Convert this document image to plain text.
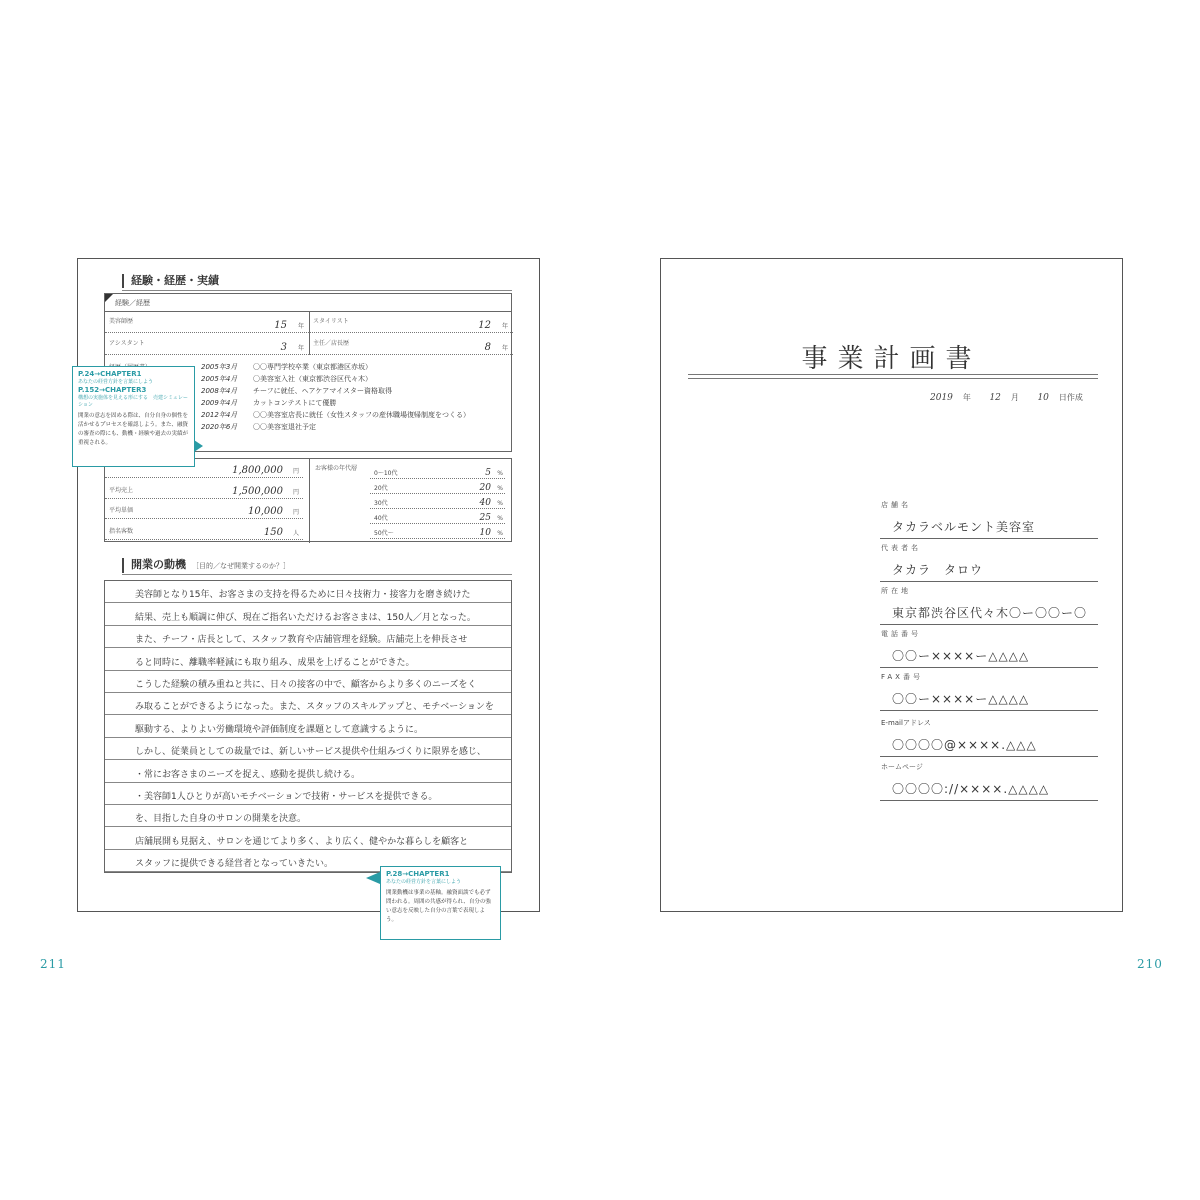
経験・経歴・実績
経験／経歴
美容師歴	15 年
スタイリスト	12 年
アシスタント	3 年
主任／店長歴	8 年
2005年3月 〇〇専門学校卒業（東京都港区赤坂）
2005年4月 〇美容室入社（東京都渋谷区代々木）
2008年4月 チーフに就任、ヘアケアマイスター資格取得
2009年4月 カットコンテストにて優勝
2012年4月 〇〇美容室店長に就任（女性スタッフの産休職場復帰制度をつくる）
2020年6月 〇〇美容室退社予定
1,800,000 円
平均売上	1,500,000 円
平均単価	10,000 円
指名客数	150 人
お客様の年代層
0〜10代	5 %
20代	20 %
30代	40 %
40代	25 %
50代〜	10 %
開業の動機 ［目的／なぜ開業するのか？］
美容師となり15年、お客さまの支持を得るために日々技術力・接客力を磨き続けた
結果、売上も順調に伸び、現在ご指名いただけるお客さまは、150人／月となった。
また、チーフ・店長として、スタッフ教育や店舗管理を経験。店舗売上を伸長させ
ると同時に、離職率軽減にも取り組み、成果を上げることができた。
こうした経験の積み重ねと共に、日々の接客の中で、顧客からより多くのニーズをく
み取ることができるようになった。また、スタッフのスキルアップと、モチベーションを
駆動する、よりよい労働環境や評価制度を課題として意識するように。
しかし、従業員としての裁量では、新しいサービス提供や仕組みづくりに限界を感じ、
・常にお客さまのニーズを捉え、感動を提供し続ける。
・美容師1人ひとりが高いモチベーションで技術・サービスを提供できる。
を、目指した自身のサロンの開業を決意。
店舗展開も見据え、サロンを通じてより多く、より広く、健やかな暮らしを顧客と
スタッフに提供できる経営者となっていきたい。
P.24→CHAPTER1
あなたの経営方針を言葉にしよう
P.152→CHAPTER3
構想の実施体を見える形にする　売建シミュレーション
開業の意志を固める際は、自分自身の個性を活かせるプロセスを確認しよう。また、融資の審査の際にも、動機・経験や過去の実績が重視される。
P.28→CHAPTER1
あなたの経営方針を言葉にしよう
開業動機は事業の基軸。融資面談でも必ず問われる。周囲の共感が得られ、自分の強い意志を反映した自分の言葉で表現しよう。
211
事業計画書
2019 年 12 月 10 日作成
店舗名
タカラベルモント美容室
代表者名
タカラ　タロウ
所在地
東京都渋谷区代々木〇ー〇〇ー〇
電話番号
〇〇ー××××ー△△△△
FAX番号
〇〇ー××××ー△△△△
E-mailアドレス
〇〇〇〇@××××.△△△
ホームページ
〇〇〇〇://××××.△△△△
210
